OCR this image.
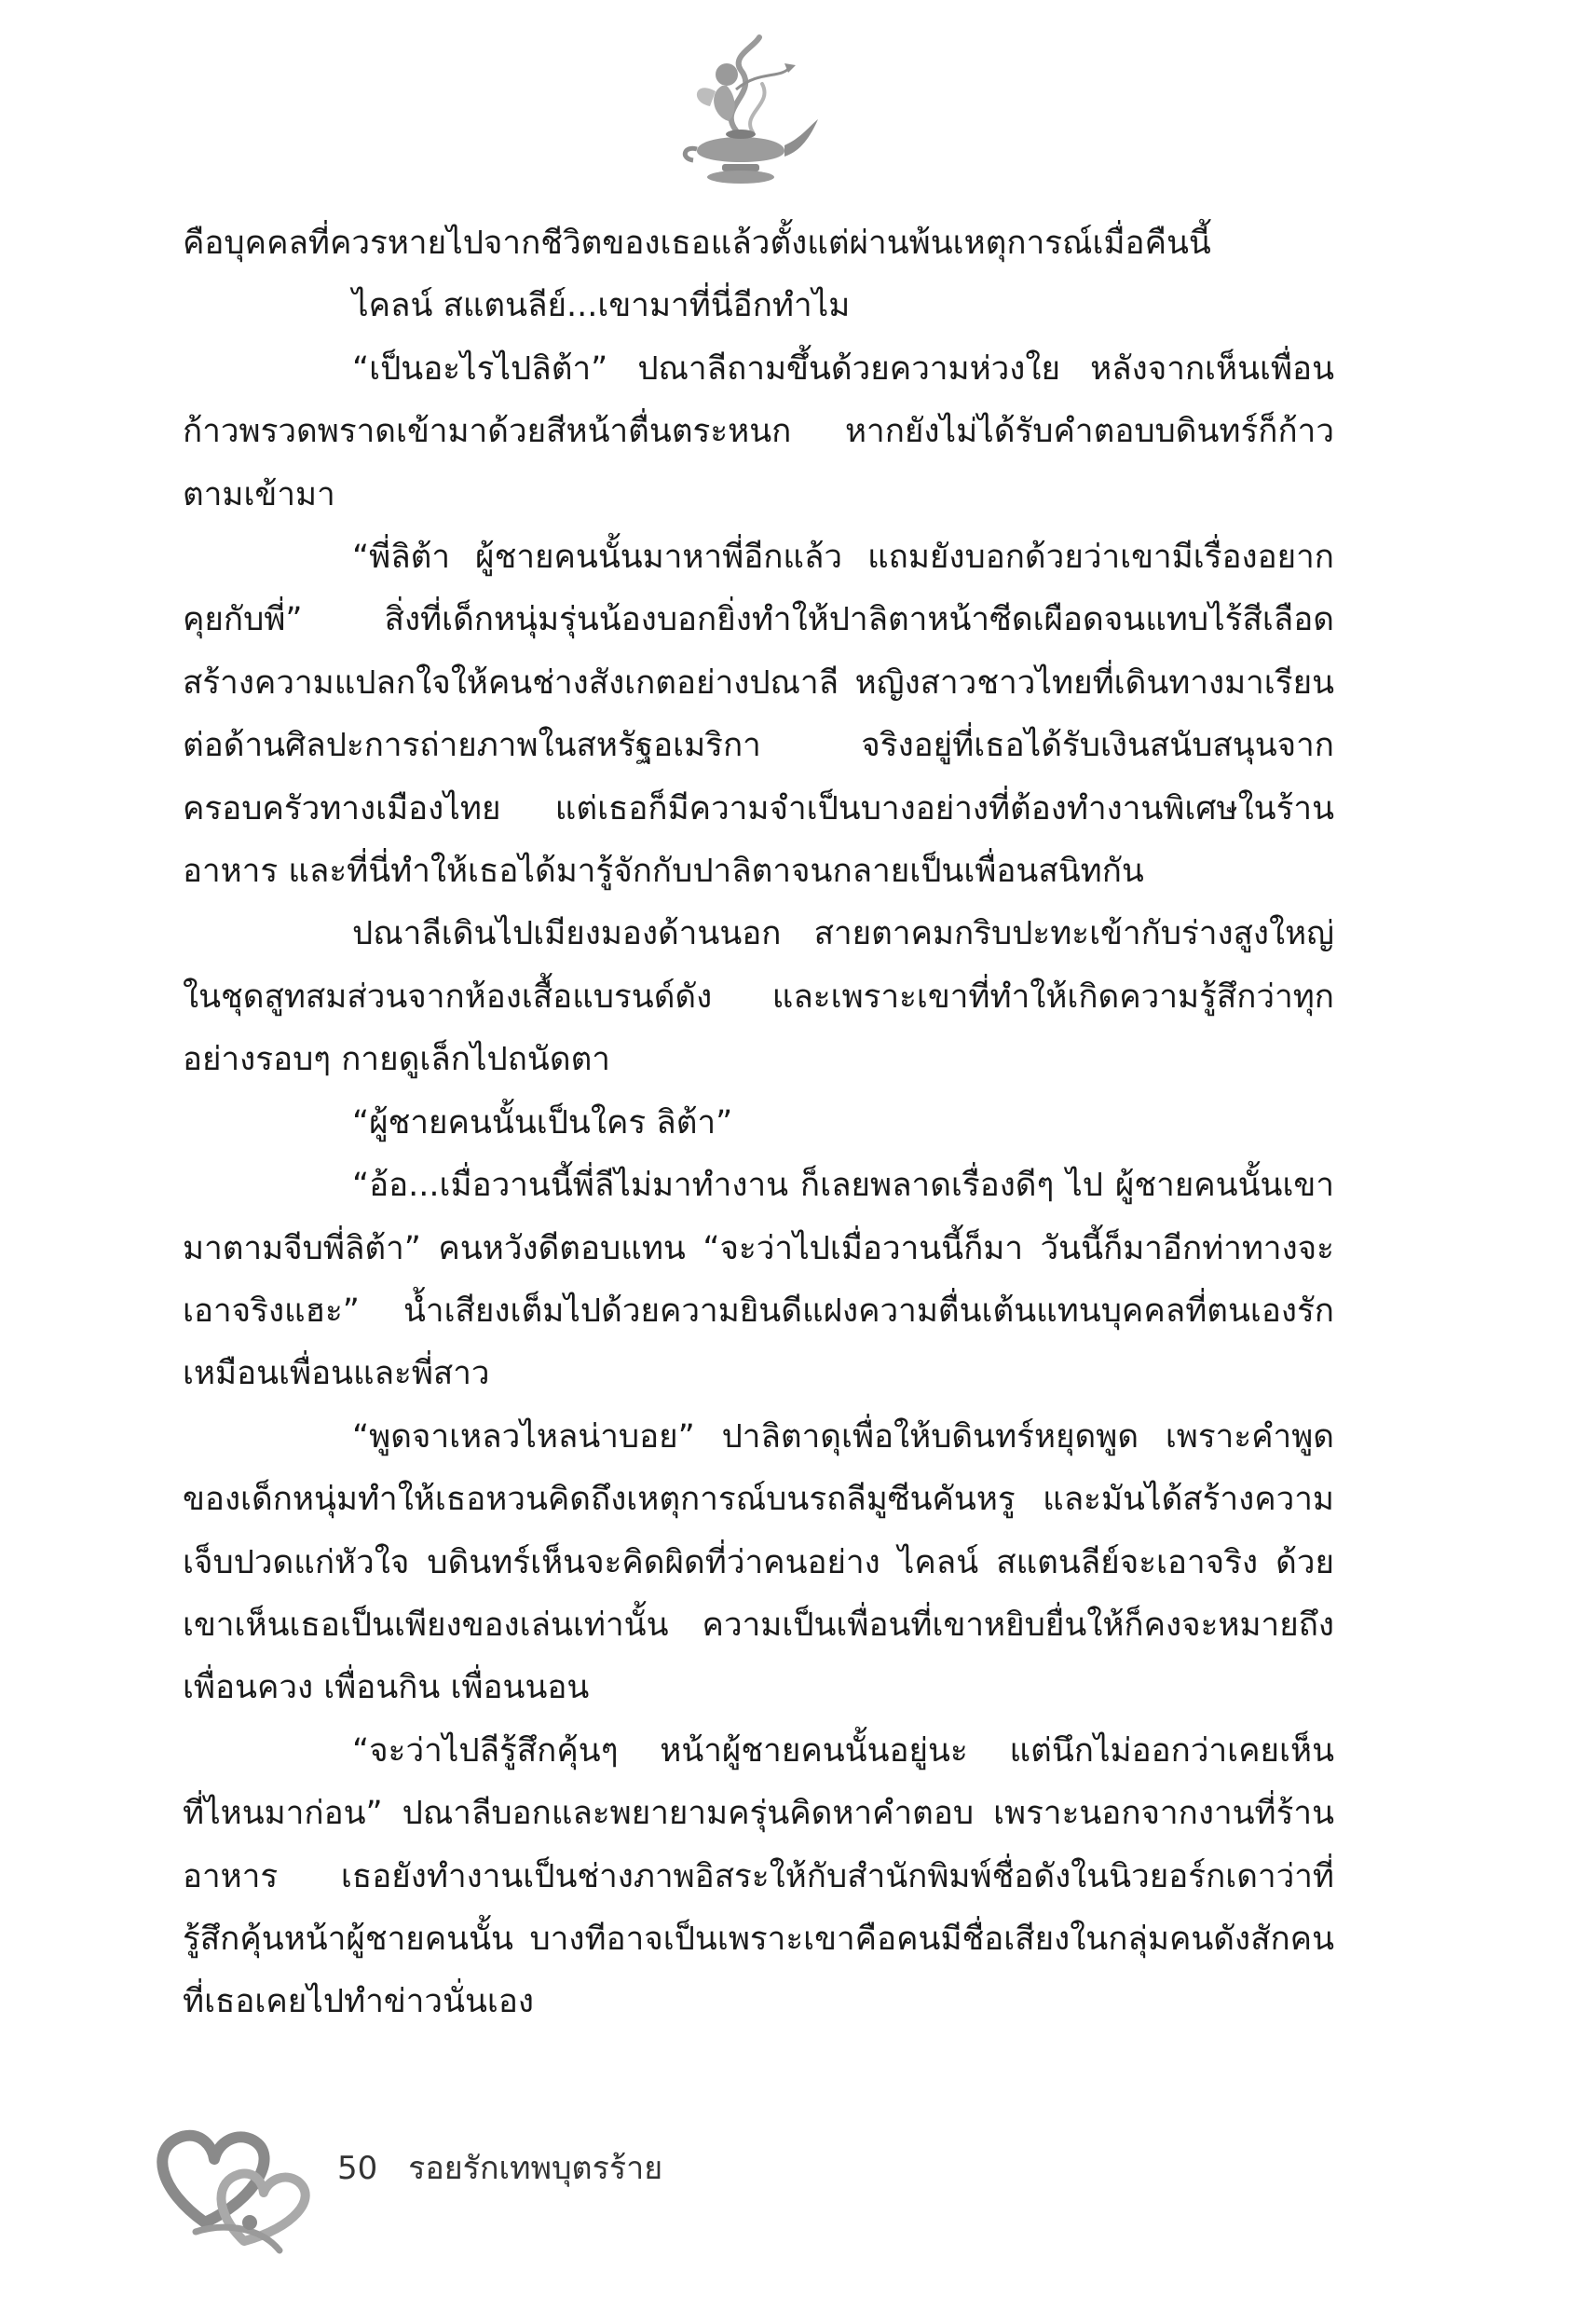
คือบุคคลที่ควรหายไปจากชีวิตของเธอแล้วตั้งแต่ผ่านพ้นเหตุการณ์เมื่อคืนนี้

ไคลน์ สแตนลีย์...เขามาที่นี่อีกทำไม

“เป็นอะไรไปลิต้า” ปณาลีถามขึ้นด้วยความห่วงใย หลังจากเห็นเพื่อนก้าวพรวดพราดเข้ามาด้วยสีหน้าตื่นตระหนก หากยังไม่ได้รับคำตอบบดินทร์ก็ก้าวตามเข้ามา

“พี่ลิต้า ผู้ชายคนนั้นมาหาพี่อีกแล้ว แถมยังบอกด้วยว่าเขามีเรื่องอยากคุยกับพี่” สิ่งที่เด็กหนุ่มรุ่นน้องบอกยิ่งทำให้ปาลิตาหน้าซีดเผือดจนแทบไร้สีเลือด สร้างความแปลกใจให้คนช่างสังเกตอย่างปณาลี หญิงสาวชาวไทยที่เดินทางมาเรียนต่อด้านศิลปะการถ่ายภาพในสหรัฐอเมริกา จริงอยู่ที่เธอได้รับเงินสนับสนุนจากครอบครัวทางเมืองไทย แต่เธอก็มีความจำเป็นบางอย่างที่ต้องทำงานพิเศษในร้านอาหาร และที่นี่ทำให้เธอได้มารู้จักกับปาลิตาจนกลายเป็นเพื่อนสนิทกัน

ปณาลีเดินไปเมียงมองด้านนอก สายตาคมกริบปะทะเข้ากับร่างสูงใหญ่ในชุดสูทสมส่วนจากห้องเสื้อแบรนด์ดัง และเพราะเขาที่ทำให้เกิดความรู้สึกว่าทุกอย่างรอบๆ กายดูเล็กไปถนัดตา

“ผู้ชายคนนั้นเป็นใคร ลิต้า”

“อ้อ...เมื่อวานนี้พี่ลีไม่มาทำงาน ก็เลยพลาดเรื่องดีๆ ไป ผู้ชายคนนั้นเขามาตามจีบพี่ลิต้า” คนหวังดีตอบแทน “จะว่าไปเมื่อวานนี้ก็มา วันนี้ก็มาอีกท่าทางจะเอาจริงแฮะ” น้ำเสียงเต็มไปด้วยความยินดีแฝงความตื่นเต้นแทนบุคคลที่ตนเองรักเหมือนเพื่อนและพี่สาว

“พูดจาเหลวไหลน่าบอย” ปาลิตาดุเพื่อให้บดินทร์หยุดพูด เพราะคำพูดของเด็กหนุ่มทำให้เธอหวนคิดถึงเหตุการณ์บนรถลีมูซีนคันหรู และมันได้สร้างความเจ็บปวดแก่หัวใจ บดินทร์เห็นจะคิดผิดที่ว่าคนอย่าง ไคลน์ สแตนลีย์จะเอาจริง ด้วยเขาเห็นเธอเป็นเพียงของเล่นเท่านั้น ความเป็นเพื่อนที่เขาหยิบยื่นให้ก็คงจะหมายถึงเพื่อนควง เพื่อนกิน เพื่อนนอน

“จะว่าไปลีรู้สึกคุ้นๆ หน้าผู้ชายคนนั้นอยู่นะ แต่นึกไม่ออกว่าเคยเห็นที่ไหนมาก่อน” ปณาลีบอกและพยายามครุ่นคิดหาคำตอบ เพราะนอกจากงานที่ร้านอาหาร เธอยังทำงานเป็นช่างภาพอิสระให้กับสำนักพิมพ์ชื่อดังในนิวยอร์กเดาว่าที่รู้สึกคุ้นหน้าผู้ชายคนนั้น บางทีอาจเป็นเพราะเขาคือคนมีชื่อเสียงในกลุ่มคนดังสักคนที่เธอเคยไปทำข่าวนั่นเอง

50 รอยรักเทพบุตรร้าย
